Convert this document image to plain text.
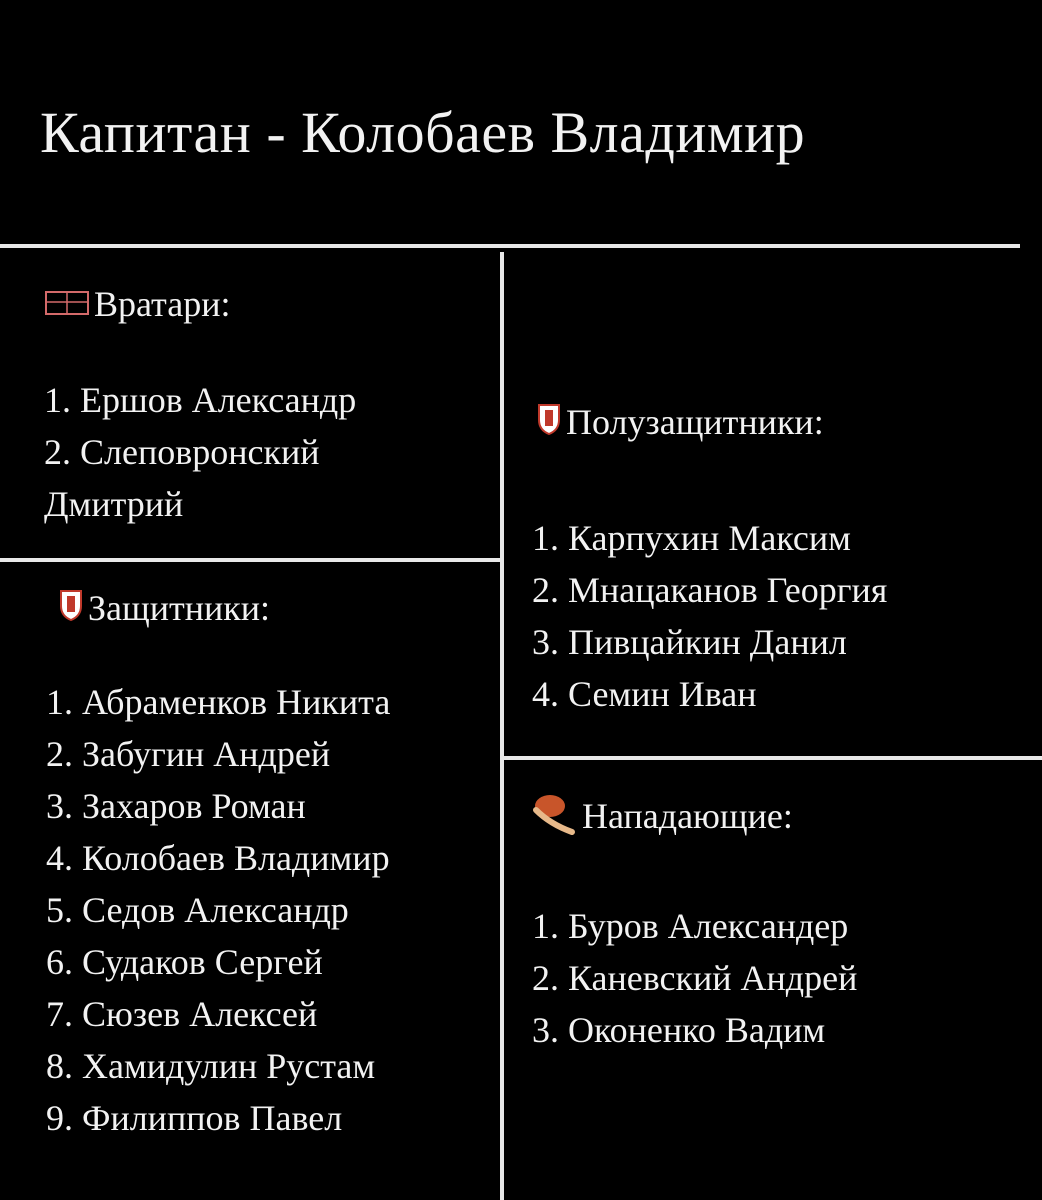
Капитан - Колобаев Владимир
Вратари:
1. Ершов Александр
2. Слеповронский
Дмитрий
Защитники:
1. Абраменков Никита
2. Забугин Андрей
3. Захаров Роман
4. Колобаев Владимир
5. Седов Александр
6. Судаков Сергей
7. Сюзев Алексей
8. Хамидулин Рустам
9. Филиппов Павел
Полузащитники:
1. Карпухин Максим
2. Мнацаканов Георгия
3. Пивцайкин Данил
4. Семин Иван
Нападающие:
1. Буров Александер
2. Каневский Андрей
3. Оконенко Вадим
